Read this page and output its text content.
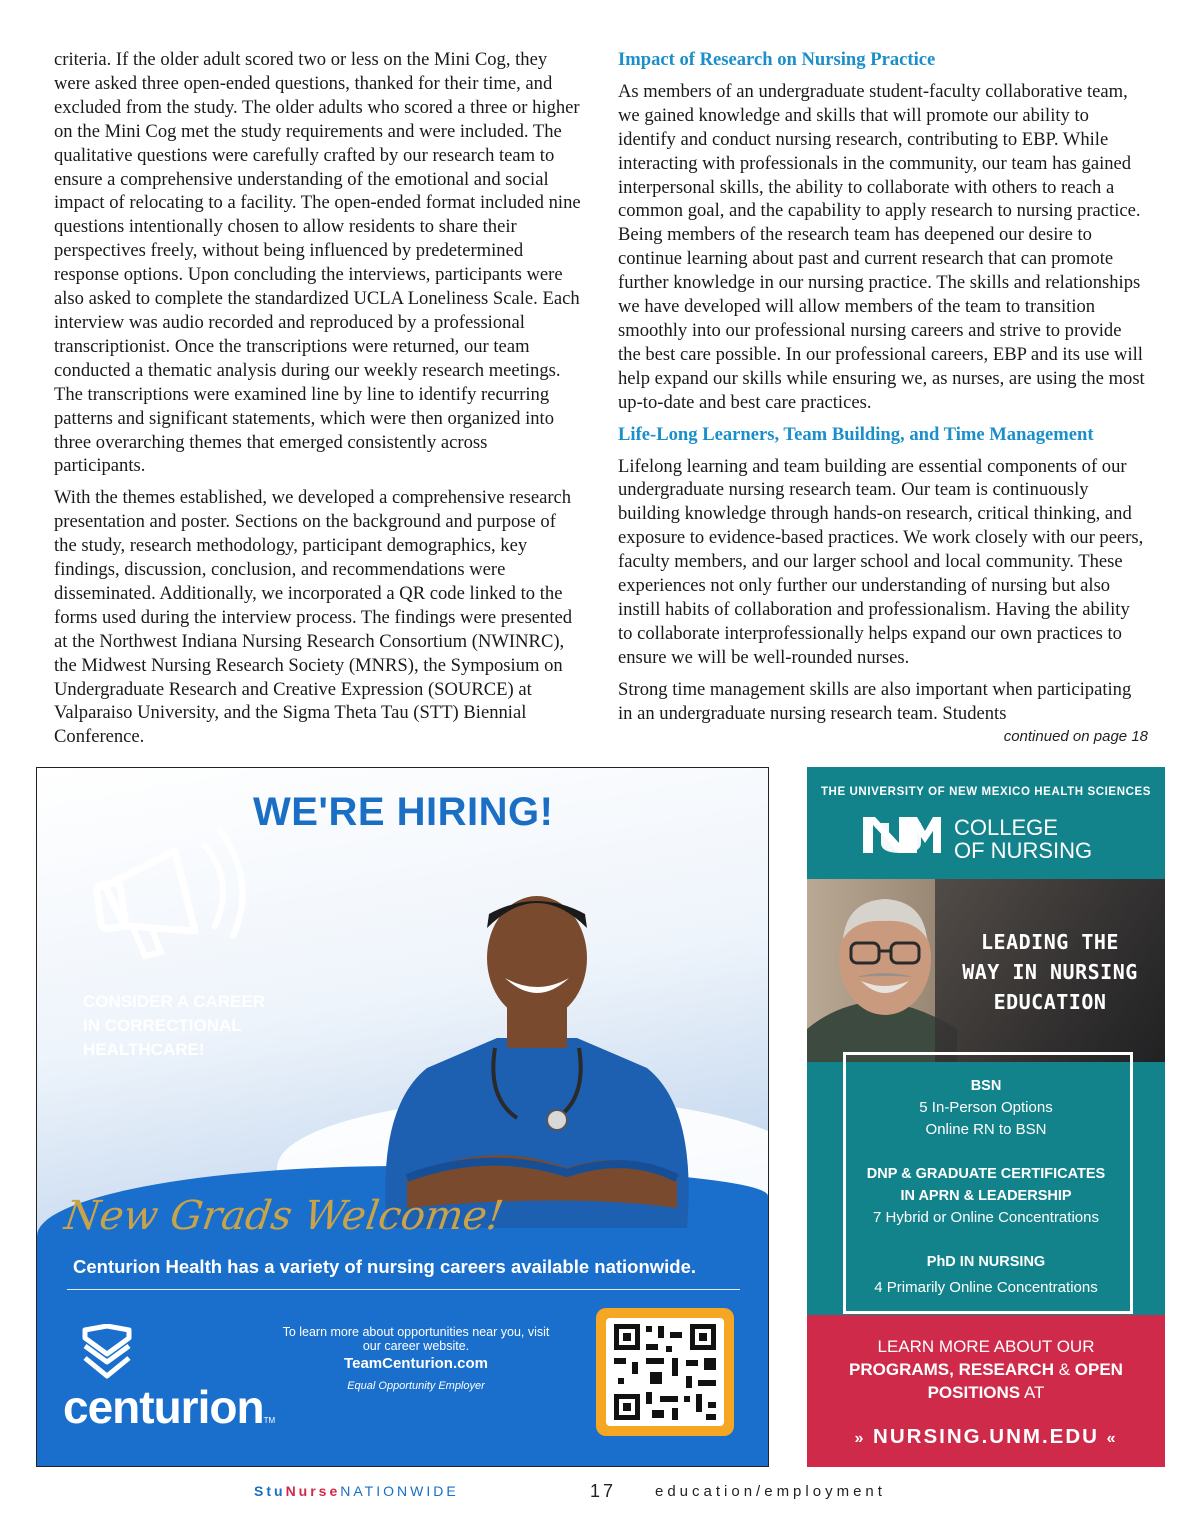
criteria. If the older adult scored two or less on the Mini Cog, they were asked three open-ended questions, thanked for their time, and excluded from the study. The older adults who scored a three or higher on the Mini Cog met the study requirements and were included. The qualitative questions were carefully crafted by our research team to ensure a comprehensive understanding of the emotional and social impact of relocating to a facility. The open-ended format included nine questions intentionally chosen to allow residents to share their perspectives freely, without being influenced by predetermined response options. Upon concluding the interviews, participants were also asked to complete the standardized UCLA Loneliness Scale. Each interview was audio recorded and reproduced by a professional transcriptionist. Once the transcriptions were returned, our team conducted a thematic analysis during our weekly research meetings. The transcriptions were examined line by line to identify recurring patterns and significant statements, which were then organized into three overarching themes that emerged consistently across participants.

With the themes established, we developed a comprehensive research presentation and poster. Sections on the background and purpose of the study, research methodology, participant demographics, key findings, discussion, conclusion, and recommendations were disseminated. Additionally, we incorporated a QR code linked to the forms used during the interview process. The findings were presented at the Northwest Indiana Nursing Research Consortium (NWINRC), the Midwest Nursing Research Society (MNRS), the Symposium on Undergraduate Research and Creative Expression (SOURCE) at Valparaiso University, and the Sigma Theta Tau (STT) Biennial Conference.

Impact of Research on Nursing Practice

As members of an undergraduate student-faculty collaborative team, we gained knowledge and skills that will promote our ability to identify and conduct nursing research, contributing to EBP. While interacting with professionals in the community, our team has gained interpersonal skills, the ability to collaborate with others to reach a common goal, and the capability to apply research to nursing practice. Being members of the research team has deepened our desire to continue learning about past and current research that can promote further knowledge in our nursing practice. The skills and relationships we have developed will allow members of the team to transition smoothly into our professional nursing careers and strive to provide the best care possible. In our professional careers, EBP and its use will help expand our skills while ensuring we, as nurses, are using the most up-to-date and best care practices.

Life-Long Learners, Team Building, and Time Management

Lifelong learning and team building are essential components of our undergraduate nursing research team. Our team is continuously building knowledge through hands-on research, critical thinking, and exposure to evidence-based practices. We work closely with our peers, faculty members, and our larger school and local community. These experiences not only further our understanding of nursing but also instill habits of collaboration and professionalism. Having the ability to collaborate interprofessionally helps expand our own practices to ensure we will be well-rounded nurses.

Strong time management skills are also important when participating in an undergraduate nursing research team. Students

continued on page 18
WE'RE HIRING!
CONSIDER A CAREER IN CORRECTIONAL HEALTHCARE!
New Grads Welcome!
Centurion Health has a variety of nursing careers available nationwide.
centurionTM
To learn more about opportunities near you, visit our career website.
TeamCenturion.com
Equal Opportunity Employer
THE UNIVERSITY OF NEW MEXICO HEALTH SCIENCES
COLLEGE
OF NURSING
LEADING THE
WAY IN NURSING
EDUCATION
BSN
5 In-Person Options
Online RN to BSN
DNP & GRADUATE CERTIFICATES
IN APRN & LEADERSHIP
7 Hybrid or Online Concentrations
PhD IN NURSING
4 Primarily Online Concentrations
LEARN MORE ABOUT OUR
PROGRAMS, RESEARCH & OPEN
POSITIONS AT
» NURSING.UNM.EDU «
StuNurseNATIONWIDE	17	education/employment
